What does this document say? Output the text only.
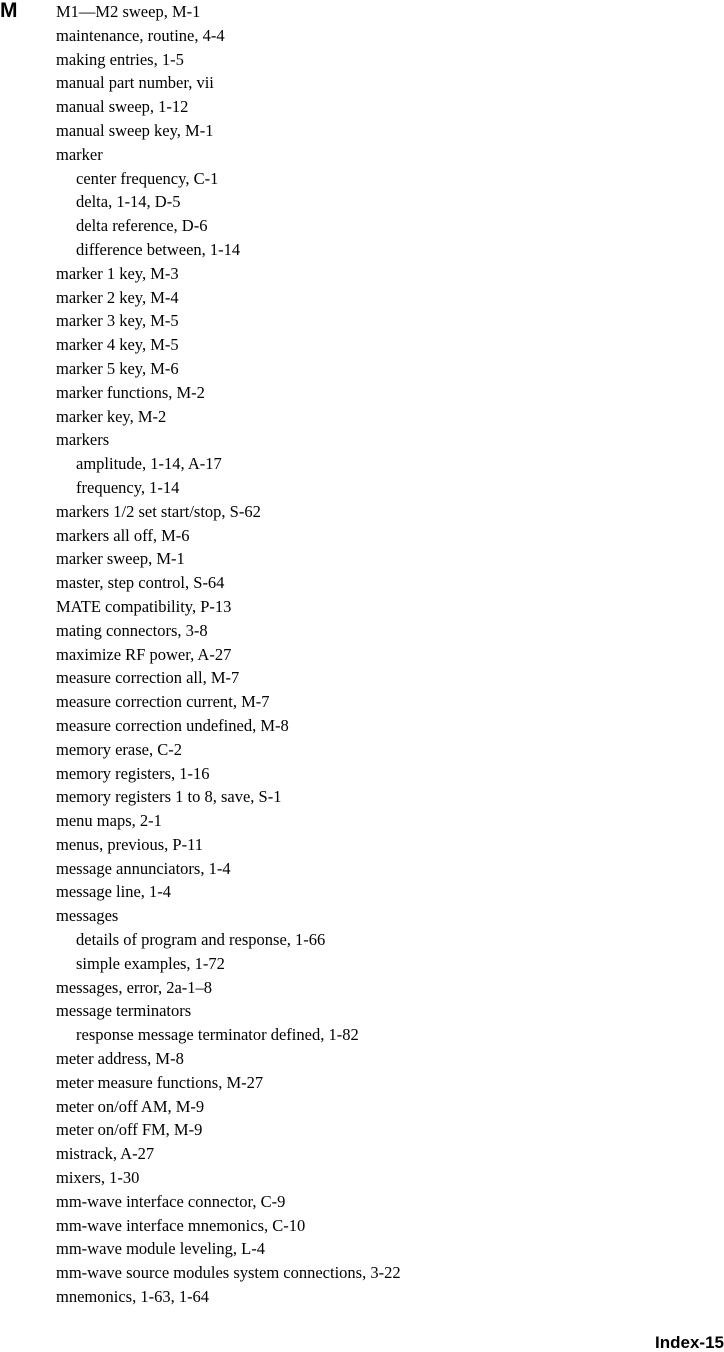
M M1—M2 sweep, M-1
maintenance, routine, 4-4
making entries, 1-5
manual part number, vii
manual sweep, 1-12
manual sweep key, M-1
marker
center frequency, C-1
delta, 1-14, D-5
delta reference, D-6
difference between, 1-14
marker 1 key, M-3
marker 2 key, M-4
marker 3 key, M-5
marker 4 key, M-5
marker 5 key, M-6
marker functions, M-2
marker key, M-2
markers
amplitude, 1-14, A-17
frequency, 1-14
markers 1/2 set start/stop, S-62
markers all off, M-6
marker sweep, M-1
master, step control, S-64
MATE compatibility, P-13
mating connectors, 3-8
maximize RF power, A-27
measure correction all, M-7
measure correction current, M-7
measure correction undefined, M-8
memory erase, C-2
memory registers, 1-16
memory registers 1 to 8, save, S-1
menu maps, 2-1
menus, previous, P-11
message annunciators, 1-4
message line, 1-4
messages
details of program and response, 1-66
simple examples, 1-72
messages, error, 2a-1–8
message terminators
response message terminator defined, 1-82
meter address, M-8
meter measure functions, M-27
meter on/off AM, M-9
meter on/off FM, M-9
mistrack, A-27
mixers, 1-30
mm-wave interface connector, C-9
mm-wave interface mnemonics, C-10
mm-wave module leveling, L-4
mm-wave source modules system connections, 3-22
mnemonics, 1-63, 1-64
Index-15
